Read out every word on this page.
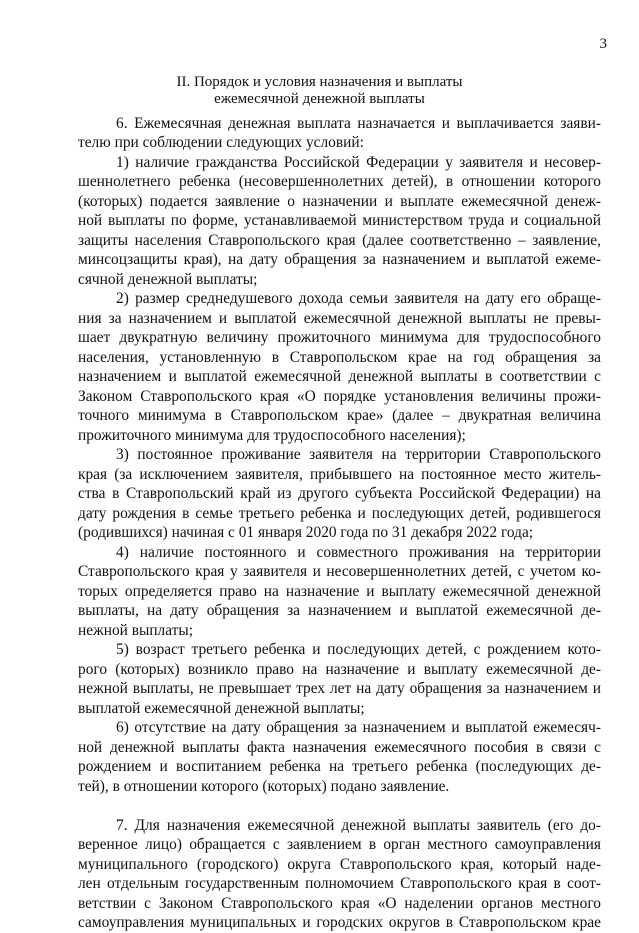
3
II. Порядок и условия назначения и выплаты
ежемесячной денежной выплаты
6. Ежемесячная денежная выплата назначается и выплачивается заяви-
телю при соблюдении следующих условий:
1) наличие гражданства Российской Федерации у заявителя и несовер-
шеннолетнего ребенка (несовершеннолетних детей), в отношении которого
(которых) подается заявление о назначении и выплате ежемесячной денеж-
ной выплаты по форме, устанавливаемой министерством труда и социальной
защиты населения Ставропольского края (далее соответственно – заявление,
минсоцзащиты края), на дату обращения за назначением и выплатой ежеме-
сячной денежной выплаты;
2) размер среднедушевого дохода семьи заявителя на дату его обраще-
ния за назначением и выплатой ежемесячной денежной выплаты не превы-
шает двукратную величину прожиточного минимума для трудоспособного
населения, установленную в Ставропольском крае на год обращения за
назначением и выплатой ежемесячной денежной выплаты в соответствии с
Законом Ставропольского края «О порядке установления величины прожи-
точного минимума в Ставропольском крае» (далее – двукратная величина
прожиточного минимума для трудоспособного населения);
3) постоянное проживание заявителя на территории Ставропольского
края (за исключением заявителя, прибывшего на постоянное место житель-
ства в Ставропольский край из другого субъекта Российской Федерации) на
дату рождения в семье третьего ребенка и последующих детей, родившегося
(родившихся) начиная с 01 января 2020 года по 31 декабря 2022 года;
4) наличие постоянного и совместного проживания на территории
Ставропольского края у заявителя и несовершеннолетних детей, с учетом ко-
торых определяется право на назначение и выплату ежемесячной денежной
выплаты, на дату обращения за назначением и выплатой ежемесячной де-
нежной выплаты;
5) возраст третьего ребенка и последующих детей, с рождением кото-
рого (которых) возникло право на назначение и выплату ежемесячной де-
нежной выплаты, не превышает трех лет на дату обращения за назначением и
выплатой ежемесячной денежной выплаты;
6) отсутствие на дату обращения за назначением и выплатой ежемесяч-
ной денежной выплаты факта назначения ежемесячного пособия в связи с
рождением и воспитанием ребенка на третьего ребенка (последующих де-
тей), в отношении которого (которых) подано заявление.
7. Для назначения ежемесячной денежной выплаты заявитель (его до-
веренное лицо) обращается с заявлением в орган местного самоуправления
муниципального (городского) округа Ставропольского края, который наде-
лен отдельным государственным полномочием Ставропольского края в соот-
ветствии с Законом Ставропольского края «О наделении органов местного
самоуправления муниципальных и городских округов в Ставропольском крае
